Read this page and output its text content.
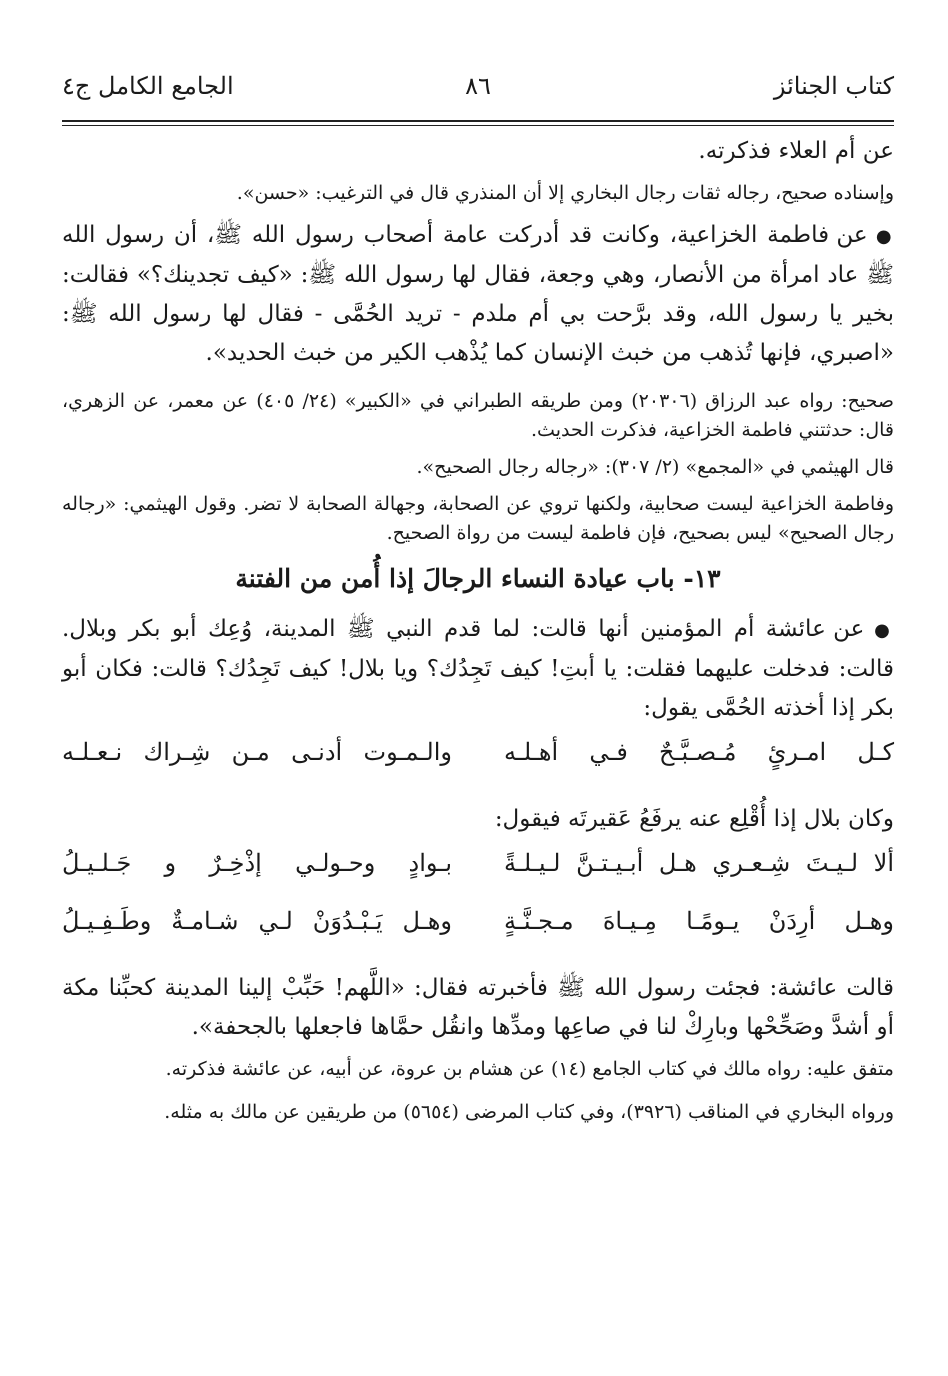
كتاب الجنائز
٨٦
الجامع الكامل ج٤

عن أم العلاء فذكرته.

وإسناده صحيح، رجاله ثقات رجال البخاري إلا أن المنذري قال في الترغيب: «حسن».

● عن فاطمة الخزاعية، وكانت قد أدركت عامة أصحاب رسول الله ﷺ، أن رسول الله ﷺ عاد امرأة من الأنصار، وهي وجعة، فقال لها رسول الله ﷺ: «كيف تجدينك؟» فقالت: بخير يا رسول الله، وقد برَّحت بي أم ملدم - تريد الحُمَّى - فقال لها رسول الله ﷺ: «اصبري، فإنها تُذهب من خبث الإنسان كما يُذْهب الكير من خبث الحديد».

صحيح: رواه عبد الرزاق (٢٠٣٠٦) ومن طريقه الطبراني في «الكبير» (٢٤/ ٤٠٥) عن معمر، عن الزهري، قال: حدثتني فاطمة الخزاعية، فذكرت الحديث.

قال الهيثمي في «المجمع» (٢/ ٣٠٧): «رجاله رجال الصحيح».

وفاطمة الخزاعية ليست صحابية، ولكنها تروي عن الصحابة، وجهالة الصحابة لا تضر. وقول الهيثمي: «رجاله رجال الصحيح» ليس بصحيح، فإن فاطمة ليست من رواة الصحيح.

١٣- باب عيادة النساء الرجالَ إذا أُمن من الفتنة

● عن عائشة أم المؤمنين أنها قالت: لما قدم النبي ﷺ المدينة، وُعِك أبو بكر وبلال. قالت: فدخلت عليهما فقلت: يا أبتِ! كيف تَجِدُك؟ ويا بلال! كيف تَجِدُك؟ قالت: فكان أبو بكر إذا أخذته الحُمَّى يقول:

كـل امـرئٍ مُـصـبَّـحٌ فـي أهـلـه
والـمـوت أدنـى مـن شِـراك نـعـلـه

وكان بلال إذا أُقْلِع عنه يرفَعُ عَقيرتَه فيقول:

ألا لـيـتَ شِـعـري هـل أبـيـتـنَّ لـيـلـةً
بـوادٍ وحـولـي إذْخِـرٌ و جَـلـيـلُ
وهـل أرِدَنْ يـومًـا مِـيـاهَ مـجـنَّـةٍ
وهـل يَـبْـدُوَنْ لـي شـامـةٌ وطَـفِـيـلُ

قالت عائشة: فجئت رسول الله ﷺ فأخبرته فقال: «اللَّهم! حَبِّبْ إلينا المدينة كحبِّنا مكة أو أشدَّ وصَحِّحْها وبارِكْ لنا في صاعِها ومدِّها وانقُل حمَّاها فاجعلها بالجحفة».

متفق عليه: رواه مالك في كتاب الجامع (١٤) عن هشام بن عروة، عن أبيه، عن عائشة فذكرته.

ورواه البخاري في المناقب (٣٩٢٦)، وفي كتاب المرضى (٥٦٥٤) من طريقين عن مالك به مثله.
